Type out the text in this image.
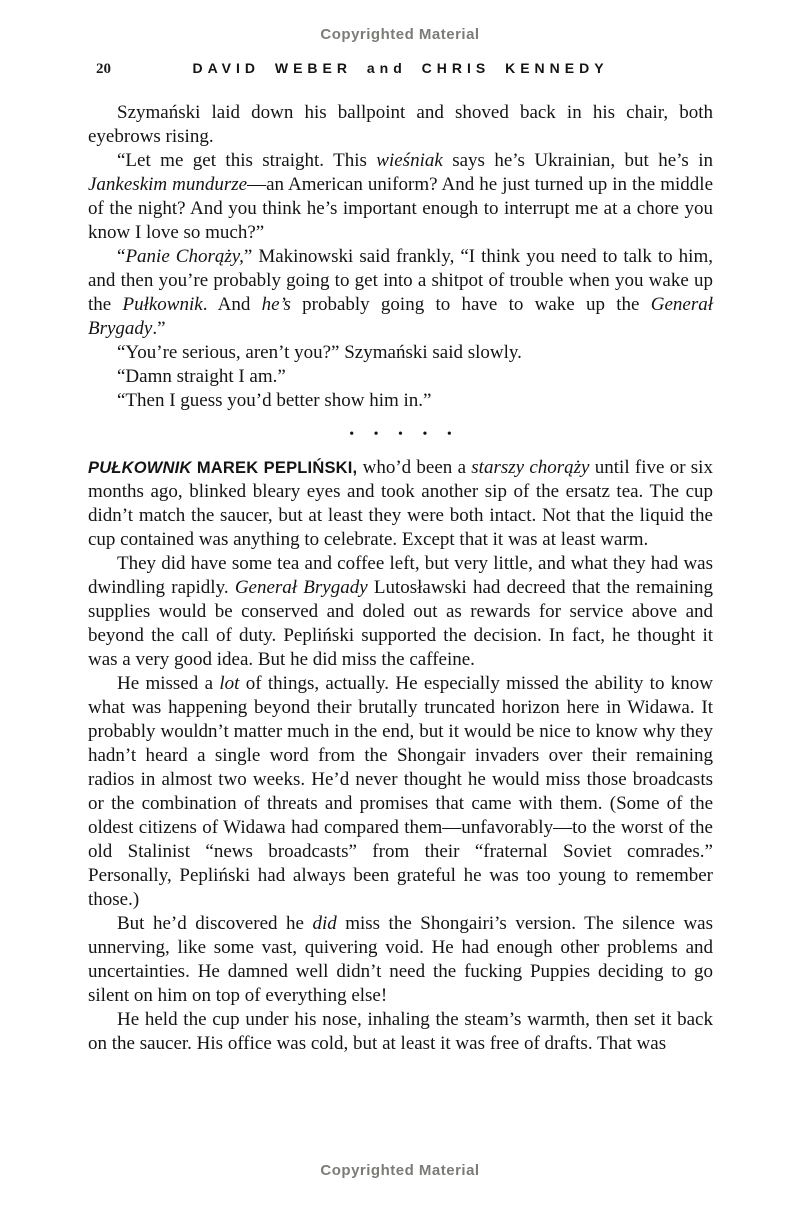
Copyrighted Material
20	DAVID WEBER and CHRIS KENNEDY

Szymański laid down his ballpoint and shoved back in his chair, both eyebrows rising.

“Let me get this straight. This wieśniak says he’s Ukrainian, but he’s in Jankeskim mundurze—an American uniform? And he just turned up in the middle of the night? And you think he’s important enough to interrupt me at a chore you know I love so much?”

“Panie Chorąży,” Makinowski said frankly, “I think you need to talk to him, and then you’re probably going to get into a shitpot of trouble when you wake up the Pułkownik. And he’s probably going to have to wake up the Generał Brygady.”

“You’re serious, aren’t you?” Szymański said slowly.

“Damn straight I am.”

“Then I guess you’d better show him in.”

• • • • •

PUŁKOWNIK MAREK PEPLIŃSKI, who’d been a starszy chorąży until five or six months ago, blinked bleary eyes and took another sip of the ersatz tea. The cup didn’t match the saucer, but at least they were both intact. Not that the liquid the cup contained was anything to celebrate. Except that it was at least warm.

They did have some tea and coffee left, but very little, and what they had was dwindling rapidly. Generał Brygady Lutosławski had decreed that the remaining supplies would be conserved and doled out as rewards for service above and beyond the call of duty. Pepliński supported the decision. In fact, he thought it was a very good idea. But he did miss the caffeine.

He missed a lot of things, actually. He especially missed the ability to know what was happening beyond their brutally truncated horizon here in Widawa. It probably wouldn’t matter much in the end, but it would be nice to know why they hadn’t heard a single word from the Shongair invaders over their remaining radios in almost two weeks. He’d never thought he would miss those broadcasts or the combination of threats and promises that came with them. (Some of the oldest citizens of Widawa had compared them—unfavorably—to the worst of the old Stalinist “news broadcasts” from their “fraternal Soviet comrades.” Personally, Pepliński had always been grateful he was too young to remember those.)

But he’d discovered he did miss the Shongairi’s version. The silence was unnerving, like some vast, quivering void. He had enough other problems and uncertainties. He damned well didn’t need the fucking Puppies deciding to go silent on him on top of everything else!

He held the cup under his nose, inhaling the steam’s warmth, then set it back on the saucer. His office was cold, but at least it was free of drafts. That was

Copyrighted Material
